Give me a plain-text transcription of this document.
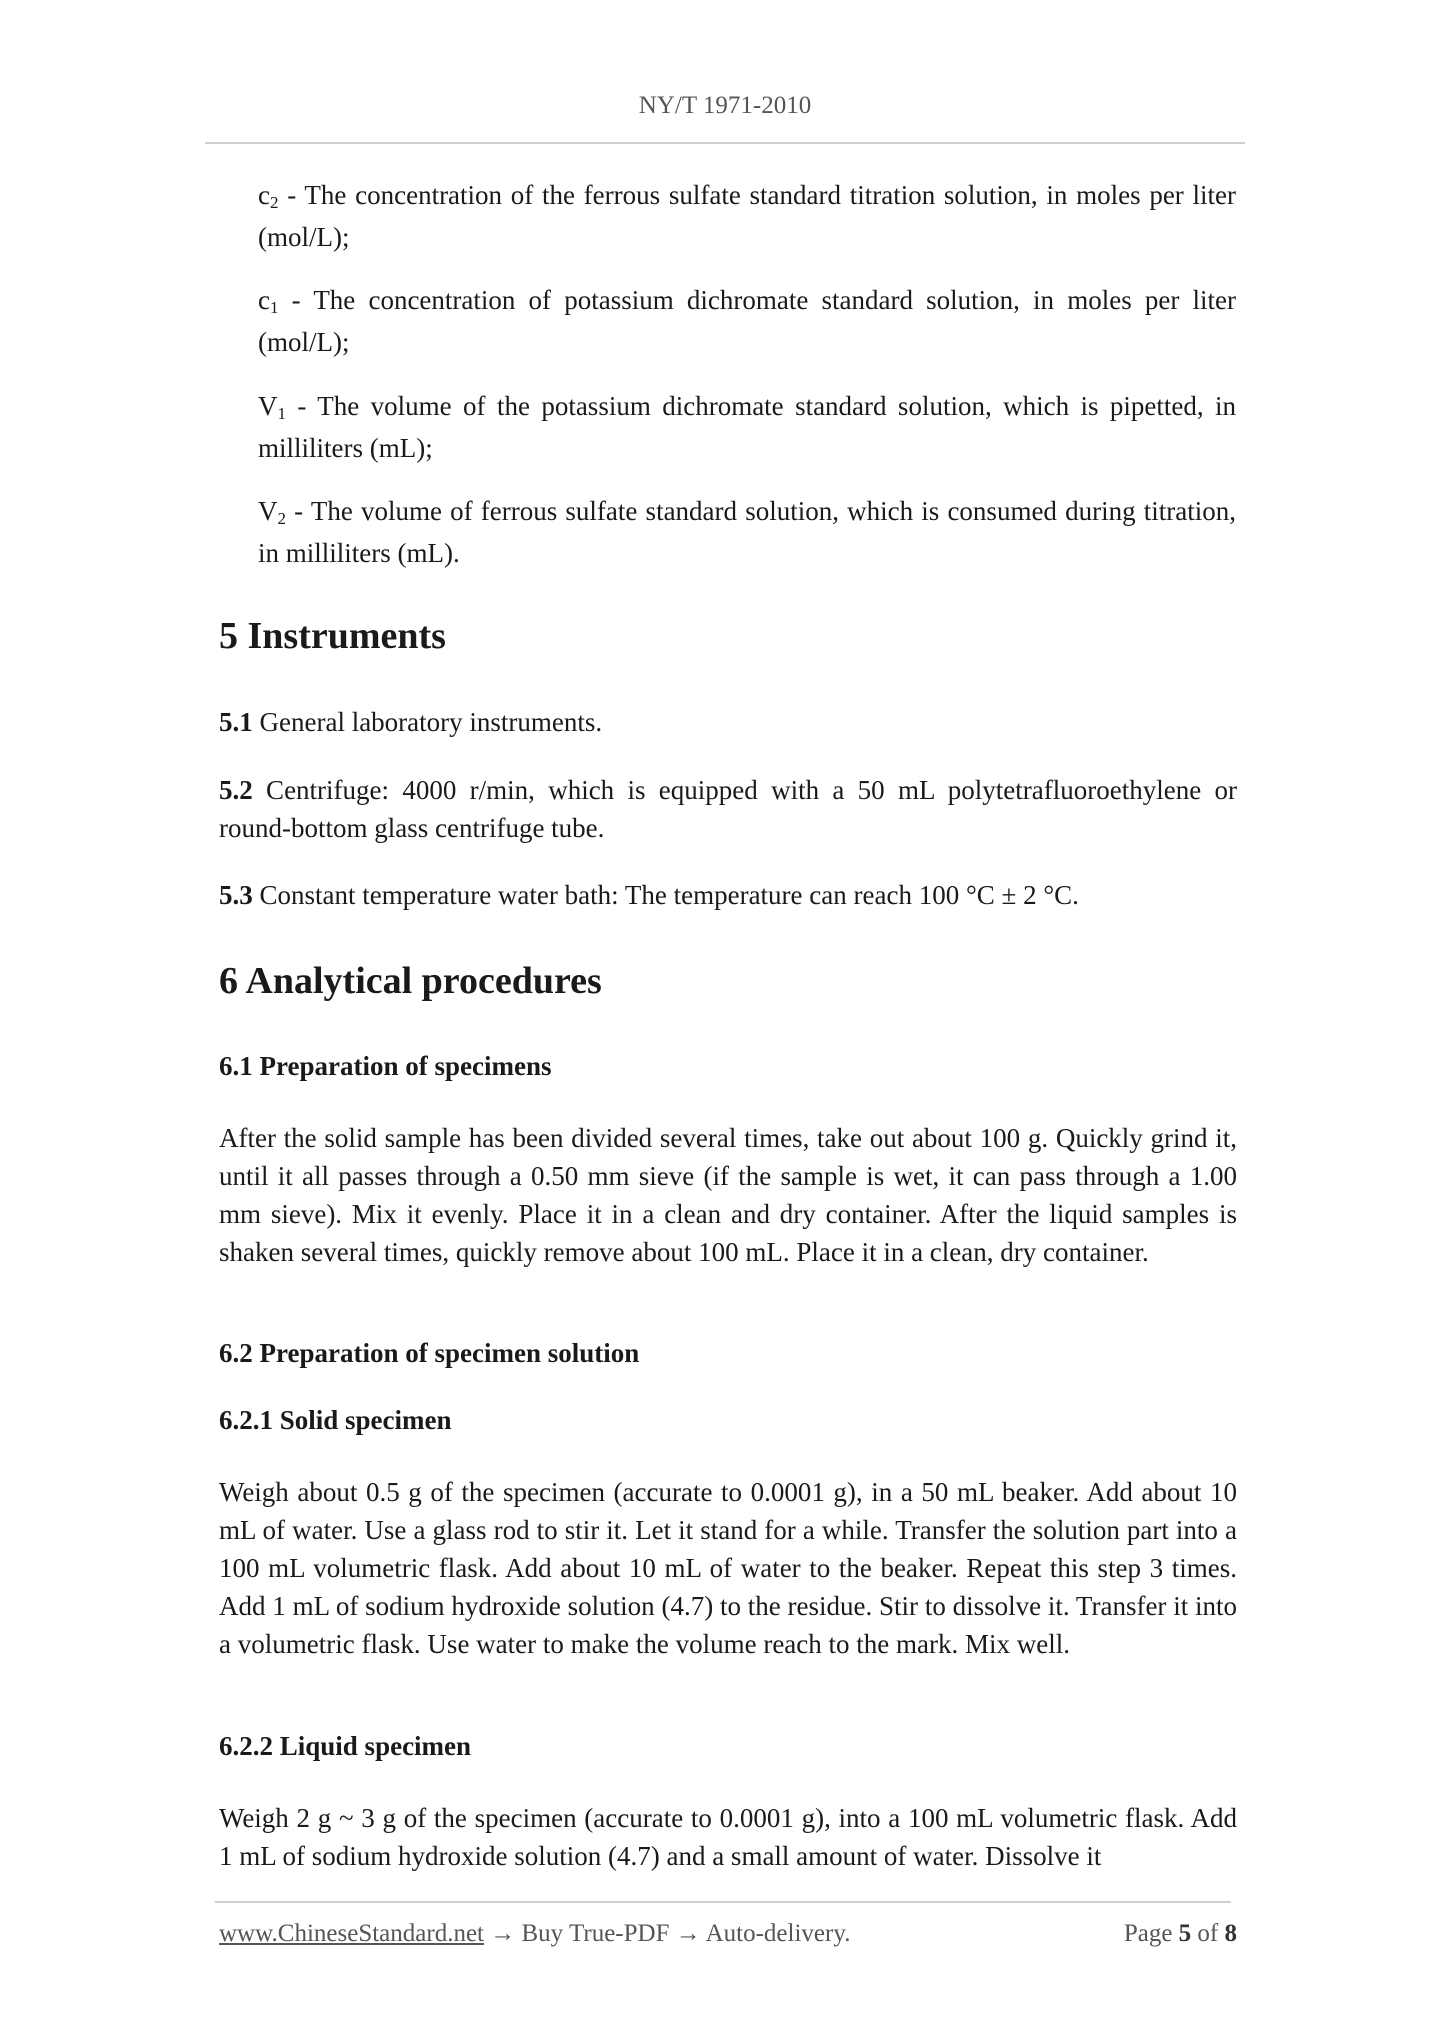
NY/T 1971-2010
$c_2$ - The concentration of the ferrous sulfate standard titration solution, in moles per liter (mol/L);
$c_1$ - The concentration of potassium dichromate standard solution, in moles per liter (mol/L);
$V_1$ - The volume of the potassium dichromate standard solution, which is pipetted, in milliliters (mL);
$V_2$ - The volume of ferrous sulfate standard solution, which is consumed during titration, in milliliters (mL).
5 Instruments

5.1 General laboratory instruments.

5.2 Centrifuge: 4000 r/min, which is equipped with a 50 mL polytetrafluoroethylene or round-bottom glass centrifuge tube.

5.3 Constant temperature water bath: The temperature can reach 100 °C ± 2 °C.

6 Analytical procedures
6.1 Preparation of specimens

After the solid sample has been divided several times, take out about 100 g. Quickly grind it, until it all passes through a 0.50 mm sieve (if the sample is wet, it can pass through a 1.00 mm sieve). Mix it evenly. Place it in a clean and dry container. After the liquid samples is shaken several times, quickly remove about 100 mL. Place it in a clean, dry container.

6.2 Preparation of specimen solution
6.2.1 Solid specimen

Weigh about 0.5 g of the specimen (accurate to 0.0001 g), in a 50 mL beaker. Add about 10 mL of water. Use a glass rod to stir it. Let it stand for a while. Transfer the solution part into a 100 mL volumetric flask. Add about 10 mL of water to the beaker. Repeat this step 3 times. Add 1 mL of sodium hydroxide solution (4.7) to the residue. Stir to dissolve it. Transfer it into a volumetric flask. Use water to make the volume reach to the mark. Mix well.

6.2.2 Liquid specimen

Weigh 2 g ~ 3 g of the specimen (accurate to 0.0001 g), into a 100 mL volumetric flask. Add 1 mL of sodium hydroxide solution (4.7) and a small amount of water. Dissolve it

www.ChineseStandard.net → Buy True-PDF → Auto-delivery.	Page 5 of 8
